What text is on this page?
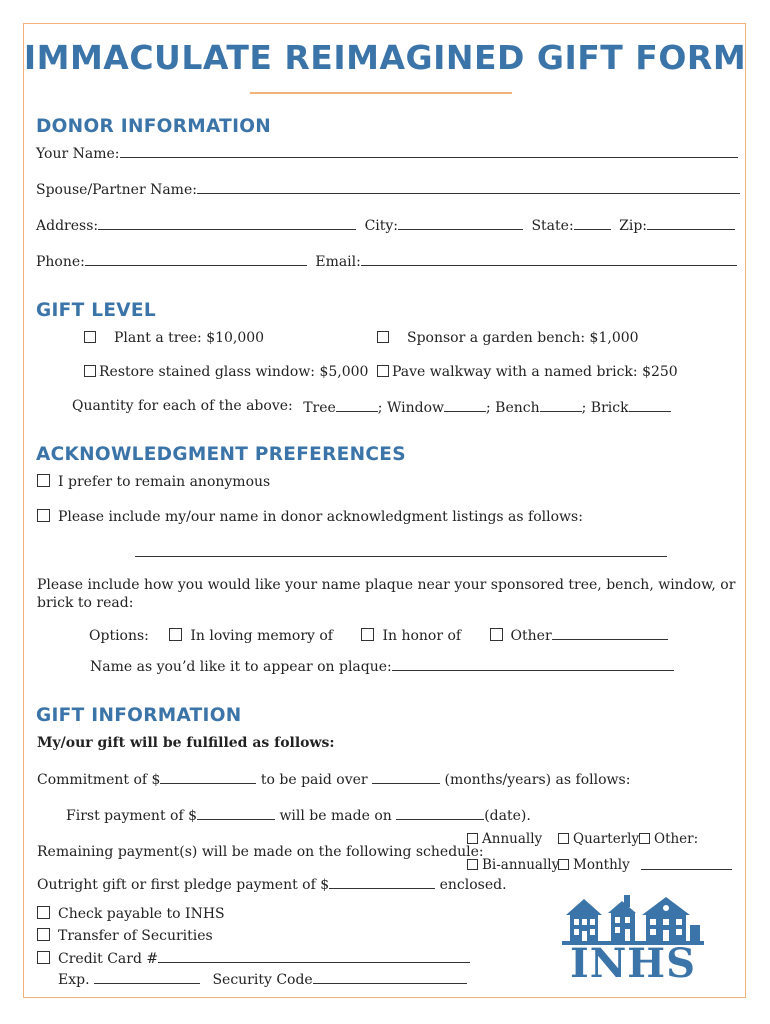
IMMACULATE REIMAGINED GIFT FORM
DONOR INFORMATION
Your Name:
Spouse/Partner Name:
Address:	City:	State:	Zip:
Phone:	Email:
GIFT LEVEL
Plant a tree: $10,000	Sponsor a garden bench: $1,000
Restore stained glass window: $5,000	Pave walkway with a named brick: $250
Quantity for each of the above: Tree	; Window	; Bench	; Brick
ACKNOWLEDGMENT PREFERENCES
I prefer to remain anonymous
Please include my/our name in donor acknowledgment listings as follows:
Please include how you would like your name plaque near your sponsored tree, bench, window, or
brick to read:
Options:	In loving memory of	In honor of	Other
Name as you’d like it to appear on plaque:
GIFT INFORMATION
My/our gift will be fulfilled as follows:
Commitment of $	to be paid over	(months/years) as follows:
First payment of $	will be made on	(date).
Remaining payment(s) will be made on the following schedule:
Annually	Quarterly	Other:
Bi-annually	Monthly
Outright gift or first pledge payment of $	enclosed.
Check payable to INHS
Transfer of Securities
Credit Card #
Exp.	Security Code	INHS
